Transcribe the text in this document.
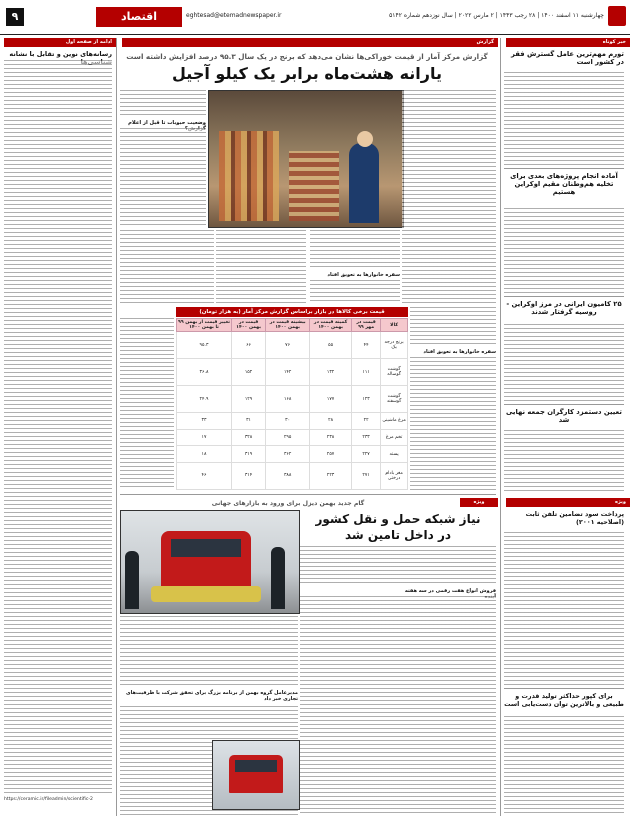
۹	اقتصاد	eghtesad@etemadnewspaper.ir	چهارشنبه ۱۱ اسفند ۱۴۰۰ | ۲۸ رجب ۱۴۴۳ | ۲ مارس ۲۰۲۲ | سال نوزدهم شماره ۵۱۴۲
ادامه از صفحه اول
رسانه‌های نوین و تقابل با نشانه‌
https://ceramic.ir/fileadmin/scientific-2
گزارش
گزارش مرکز آمار از قیمت خوراکی‌ها نشان می‌دهد که برنج در یک سال ۹۵.۳ درصد افزایش داشته است
یارانه هشت‌ماه برابر یک کیلو آجیل
وضعیت حبوبات تا قبل از اعلام
سفره خانوارها به تعویق افتاد
قیمت برخی کالاها در بازار براساس گزارش مرکز آمار (به هزار تومان)
کالا	قیمت در مهر ۹۹	کمینه قیمت در بهمن ۱۴۰۰	بیشینه قیمت در بهمن ۱۴۰۰	قیمت در بهمن ۱۴۰۰	تغییر قیمت از بهمن ۹۹ تا بهمن ۱۴۰۰
برنج درجه یک	۴۴	۵۵	۷۶	۶۶	۹۵.۳
گوشت گوساله	۱۱۱	۱۳۲	۱۴۲	۱۵۲	۳۶.۸
گوشت گوسفند	۱۲۳	۱۷۷	۱۶۸	۱۲۹	۲۴.۹
مرغ ماشینی	۲۲	۲۸	۳۰	۳۱	۳۳
تخم مرغ	۲۳۳	۲۳۸	۲۹۵	۳۲۸	۱۷
پسته	۲۲۷	۲۵۷	۳۶۲	۳۱۹	۱۸
مغز بادام درختی	۲۷۱	۲۲۳	۳۸۸	۳۱۴	۴۶
سفره خانوارها به تعویق افتاد
ویژه
گام جدید بهمن دیزل برای ورود به بازارهای جهانی
نیاز شبکه حمل و نقل کشور
در داخل تامین شد
فروش انواع هفت رقمی در سه هفته
مدیرعامل گروه بهمن از برنامه بزرگ برای تحقق شرکت با ظرفیت‌های تجاری خبر داد
خبر کوتاه
تورم مهم‌ترین عامل گسترش فقر در کشور است
آماده انجام پروژه‌های بعدی برای تخلیه هم‌وطنان مقیم اوکراین هستیم
۲۵ کامیون ایرانی در مرز اوکراین - روسیه گرفتار شدند
تعیین دستمزد کارگران جمعه نهایی شد
ویژه
پرداخت سود تضامین تلفن ثابت (اصلاحیه ۲۰۰۱)
برای کپور حداکثر تولید قدرت و طبیعی و بالاترین توان دست‌یابی است
